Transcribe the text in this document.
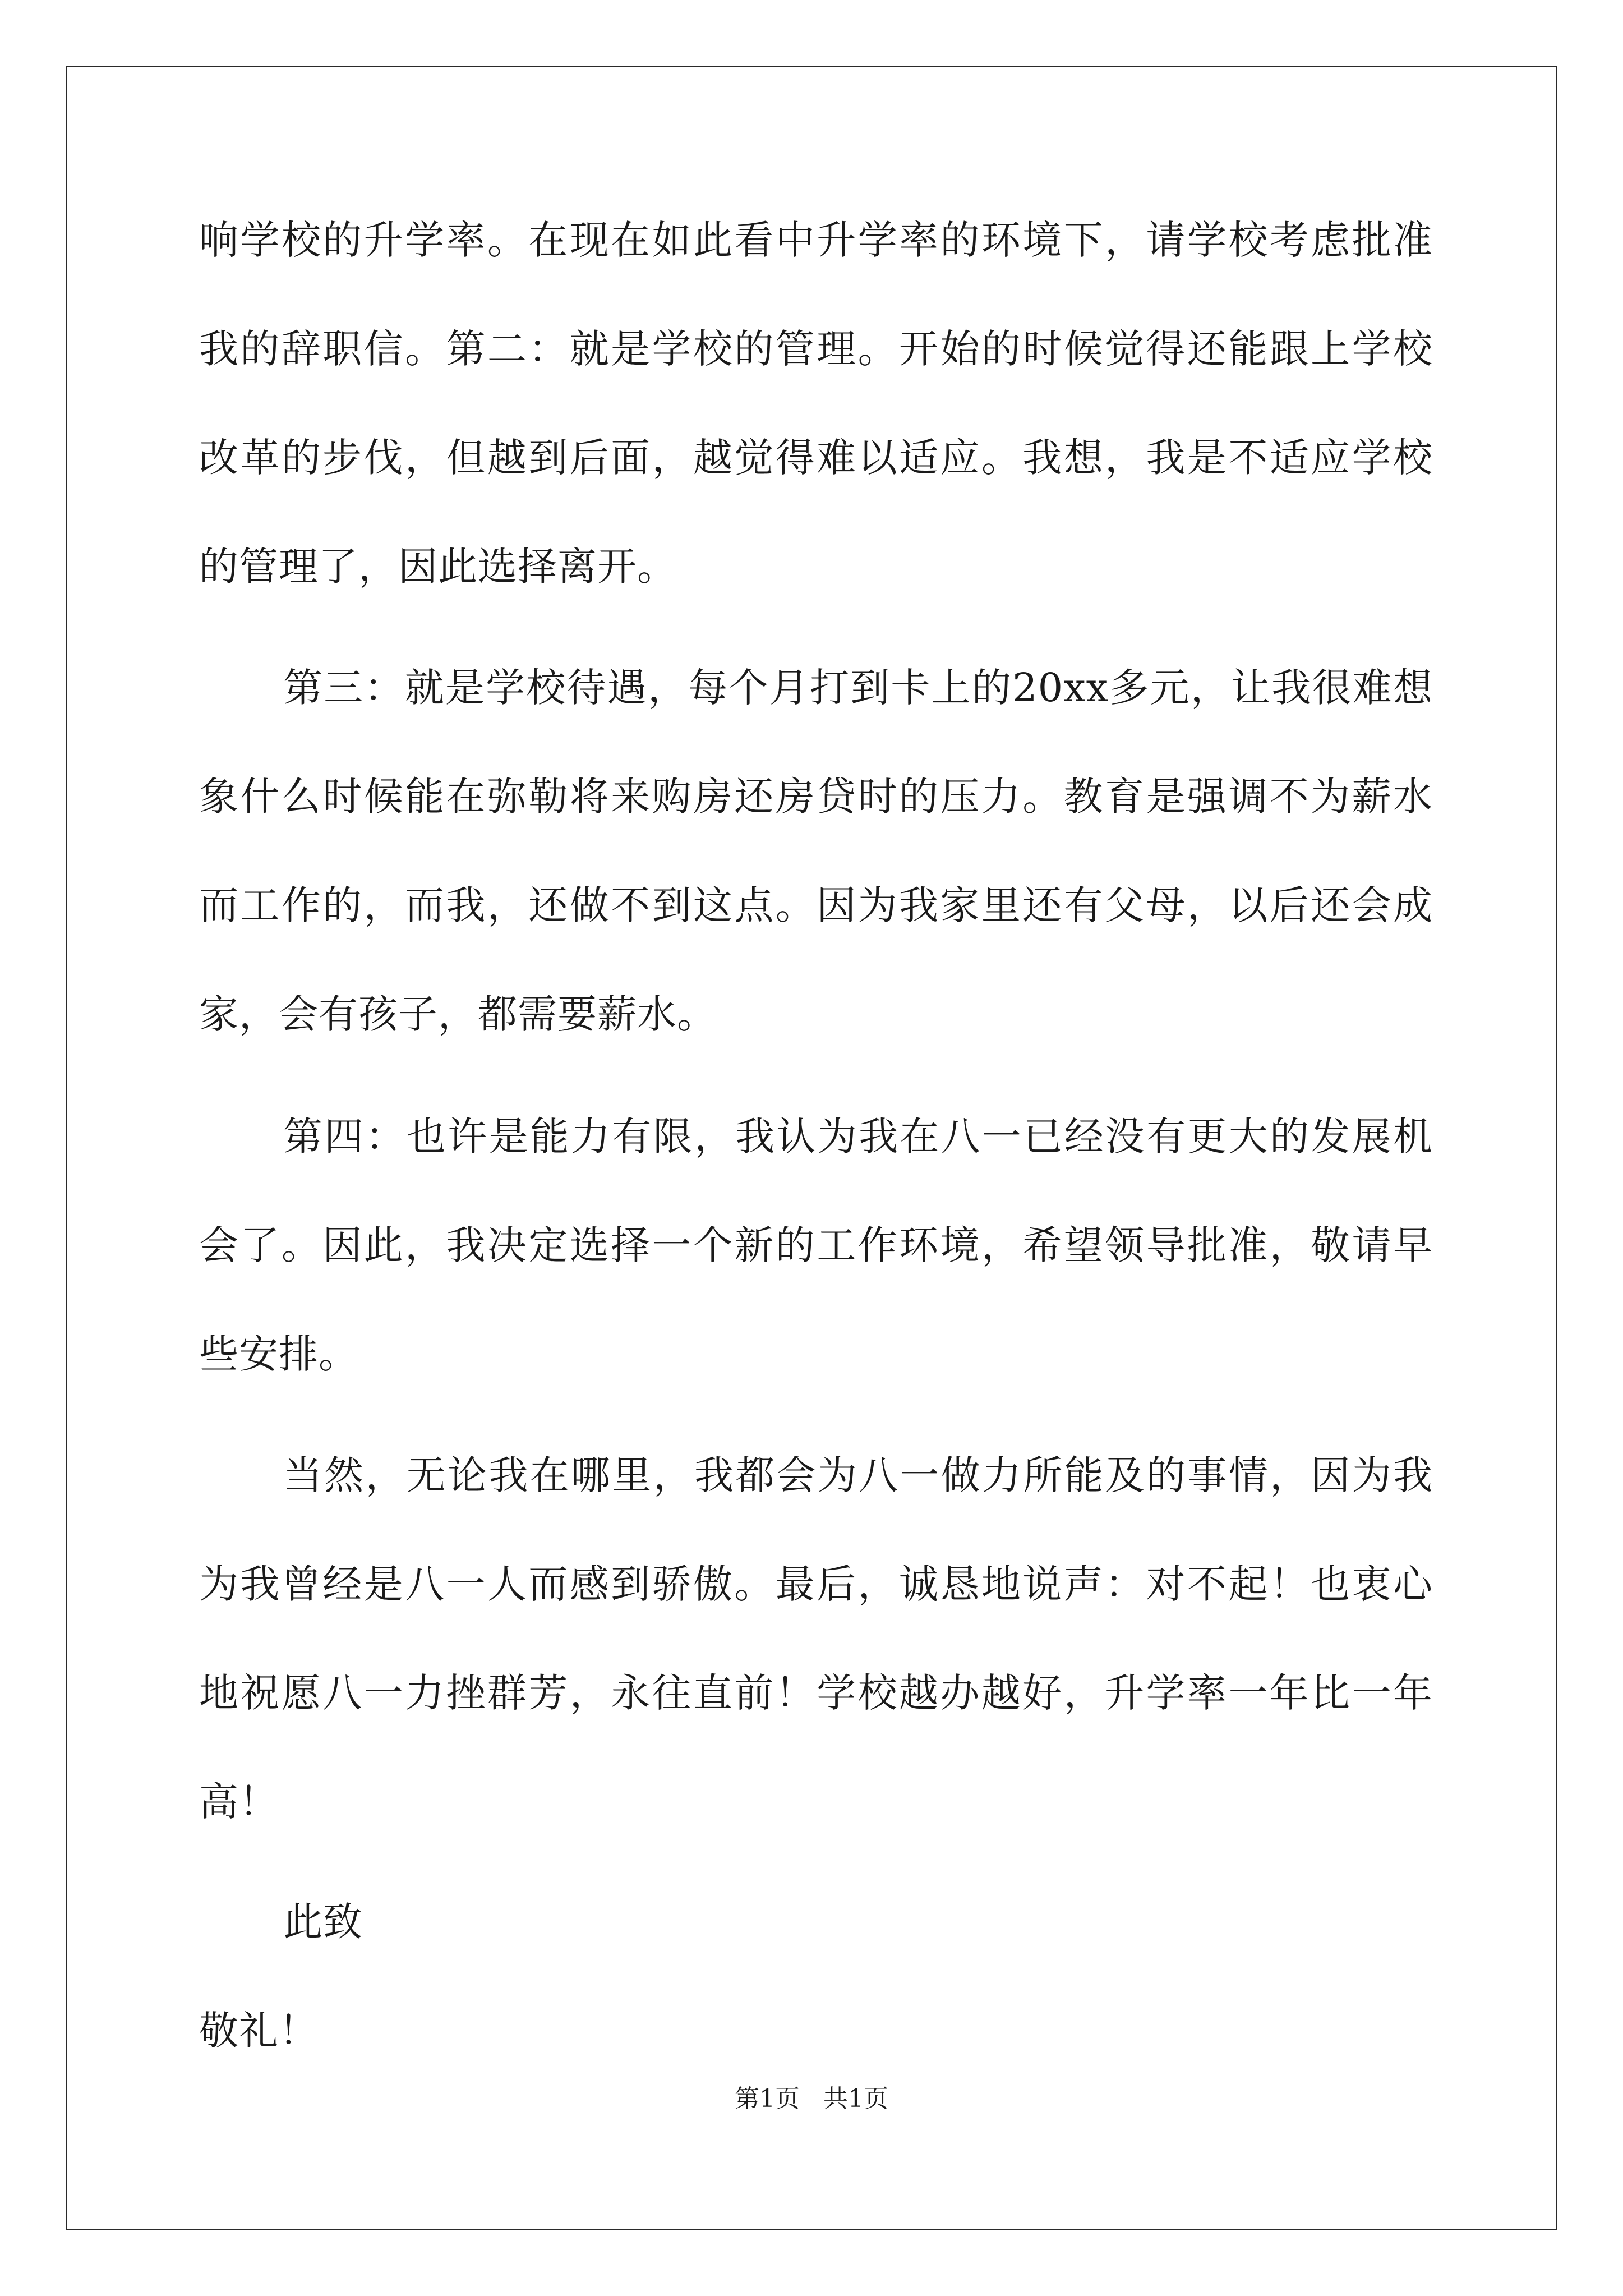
响学校的升学率。在现在如此看中升学率的环境下，请学校考虑批准
我的辞职信。第二：就是学校的管理。开始的时候觉得还能跟上学校
改革的步伐，但越到后面，越觉得难以适应。我想，我是不适应学校
的管理了，因此选择离开。
第三：就是学校待遇，每个月打到卡上的20xx多元，让我很难想
象什么时候能在弥勒将来购房还房贷时的压力。教育是强调不为薪水
而工作的，而我，还做不到这点。因为我家里还有父母，以后还会成
家，会有孩子，都需要薪水。
第四：也许是能力有限，我认为我在八一已经没有更大的发展机
会了。因此，我决定选择一个新的工作环境，希望领导批准，敬请早
些安排。
当然，无论我在哪里，我都会为八一做力所能及的事情，因为我
为我曾经是八一人而感到骄傲。最后，诚恳地说声：对不起！也衷心
地祝愿八一力挫群芳，永往直前！学校越办越好，升学率一年比一年
高！
此致
敬礼！
第1页   共1页
